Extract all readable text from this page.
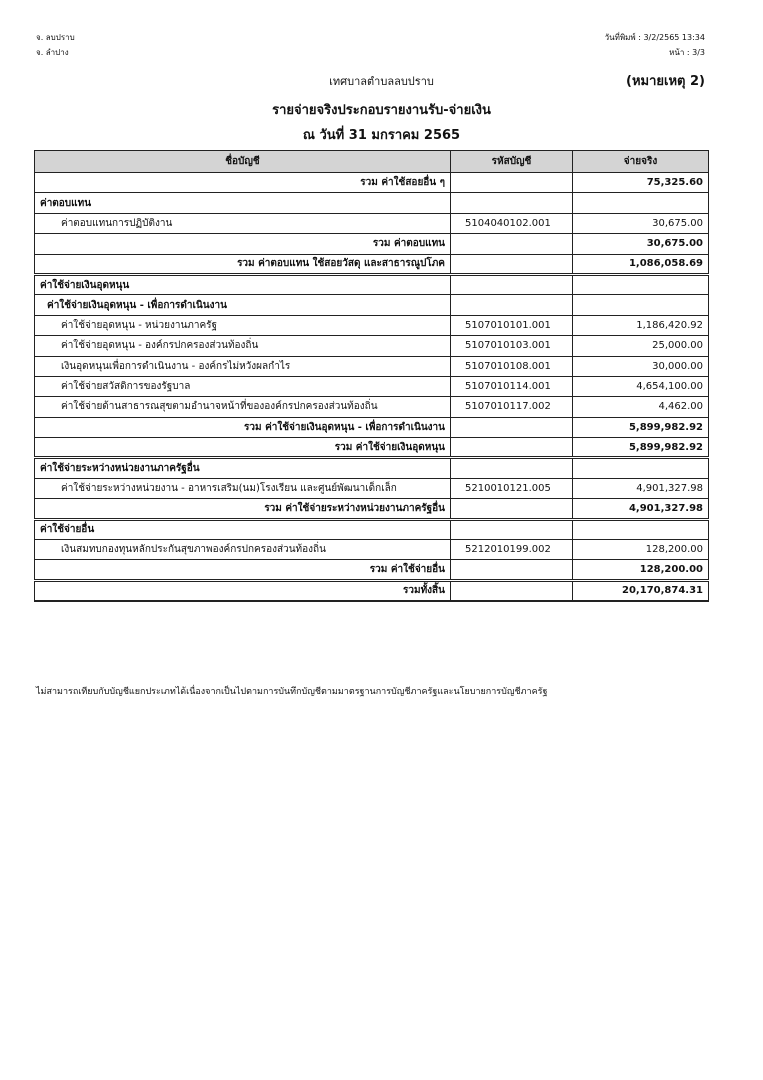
จ. ลบปราบ
จ. ลำปาง
วันที่พิมพ์ : 3/2/2565 13:34
หน้า : 3/3
เทศบาลตำบลลบปราบ	(หมายเหตุ 2)
รายจ่ายจริงประกอบรายงานรับ-จ่ายเงิน
ณ วันที่ 31 มกราคม 2565
ชื่อบัญชี	รหัสบัญชี	จ่ายจริง
รวม ค่าใช้สอยอื่น ๆ		75,325.60
ค่าตอบแทน		
ค่าตอบแทนการปฏิบัติงาน	5104040102.001	30,675.00
รวม ค่าตอบแทน		30,675.00
รวม ค่าตอบแทน ใช้สอยวัสดุ และสาธารณูปโภค		1,086,058.69
ค่าใช้จ่ายเงินอุดหนุน		
ค่าใช้จ่ายเงินอุดหนุน - เพื่อการดำเนินงาน		
ค่าใช้จ่ายอุดหนุน - หน่วยงานภาครัฐ	5107010101.001	1,186,420.92
ค่าใช้จ่ายอุดหนุน - องค์กรปกครองส่วนท้องถิ่น	5107010103.001	25,000.00
เงินอุดหนุนเพื่อการดำเนินงาน - องค์กรไม่หวังผลกำไร	5107010108.001	30,000.00
ค่าใช้จ่ายสวัสดิการของรัฐบาล	5107010114.001	4,654,100.00
ค่าใช้จ่ายด้านสาธารณสุขตามอำนาจหน้าที่ขององค์กรปกครองส่วนท้องถิ่น	5107010117.002	4,462.00
รวม ค่าใช้จ่ายเงินอุดหนุน - เพื่อการดำเนินงาน		5,899,982.92
รวม ค่าใช้จ่ายเงินอุดหนุน		5,899,982.92
ค่าใช้จ่ายระหว่างหน่วยงานภาครัฐอื่น		
ค่าใช้จ่ายระหว่างหน่วยงาน - อาหารเสริม(นม)โรงเรียน และศูนย์พัฒนาเด็กเล็ก	5210010121.005	4,901,327.98
รวม ค่าใช้จ่ายระหว่างหน่วยงานภาครัฐอื่น		4,901,327.98
ค่าใช้จ่ายอื่น		
เงินสมทบกองทุนหลักประกันสุขภาพองค์กรปกครองส่วนท้องถิ่น	5212010199.002	128,200.00
รวม ค่าใช้จ่ายอื่น		128,200.00
รวมทั้งสิ้น		20,170,874.31
ไม่สามารถเทียบกับบัญชีแยกประเภทได้เนื่องจากเป็นไปตามการบันทึกบัญชีตามมาตรฐานการบัญชีภาครัฐและนโยบายการบัญชีภาครัฐ
